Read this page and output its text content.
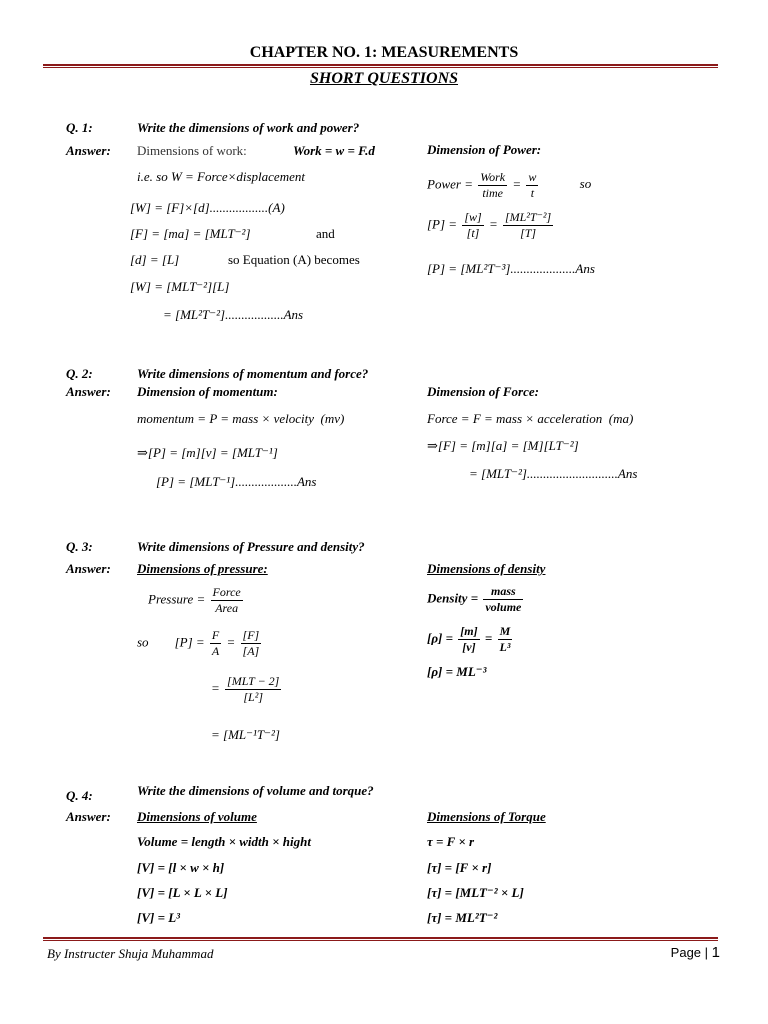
CHAPTER NO. 1: MEASUREMENTS
SHORT QUESTIONS
Q. 1:	Write the dimensions of work and power?
Answer: Dimensions of work:	Work = w = F.d
i.e. so W = Force×displacement
[W] = [F]×[d]..................(A)
[F] = [ma] = [MLT⁻²]	and
[d] = [L]	so Equation (A) becomes
[W] = [MLT⁻²][L]
= [ML²T⁻²]..................Ans
Dimension of Power:
Power = $\frac{\text{Work}}{\text{time}} = \frac{w}{t}$	so
$[P] = \frac{[w]}{[t]} = \frac{\text{[ML²T⁻²]}}{[T]}$
[P] = [ML²T⁻³]....................Ans
Q. 2:	Write dimensions of momentum and force?
Answer: Dimension of momentum:
momentum = P = mass × velocity (mv)
⇒[P] = [m][v] = [MLT⁻¹]
[P] = [MLT⁻¹]...................Ans
Dimension of Force:
Force = F = mass × acceleration (ma)
⇒[F] = [m][a] = [M][LT⁻²]
= [MLT⁻²]............................Ans
Q. 3:	Write dimensions of Pressure and density?
Answer: Dimensions of pressure:
Pressure = $\frac{\text{Force}}{\text{Area}}$
so $[P] = \frac{F}{A} = \frac{[F]}{[A]}$
= $\frac{\text{[MLT − 2]}}{\text{[L²]}}$
= [ML⁻¹T⁻²]
Dimensions of density
Density = $\frac{\text{mass}}{\text{volume}}$
$[\rho] = \frac{[m]}{[v]} = \frac{M}{\text{L³}}$
[ρ] = ML⁻³
Q. 4:	Write the dimensions of volume and torque?
Answer: Dimensions of volume
Volume = length × width × hight
[V] = [l × w × h]
[V] = [L × L × L]
[V] = L³
Dimensions of Torque
τ = F × r
[τ] = [F × r]
[τ] = [MLT⁻² × L]
[τ] = ML²T⁻²
By Instructer Shuja Muhammad	Page | 1
